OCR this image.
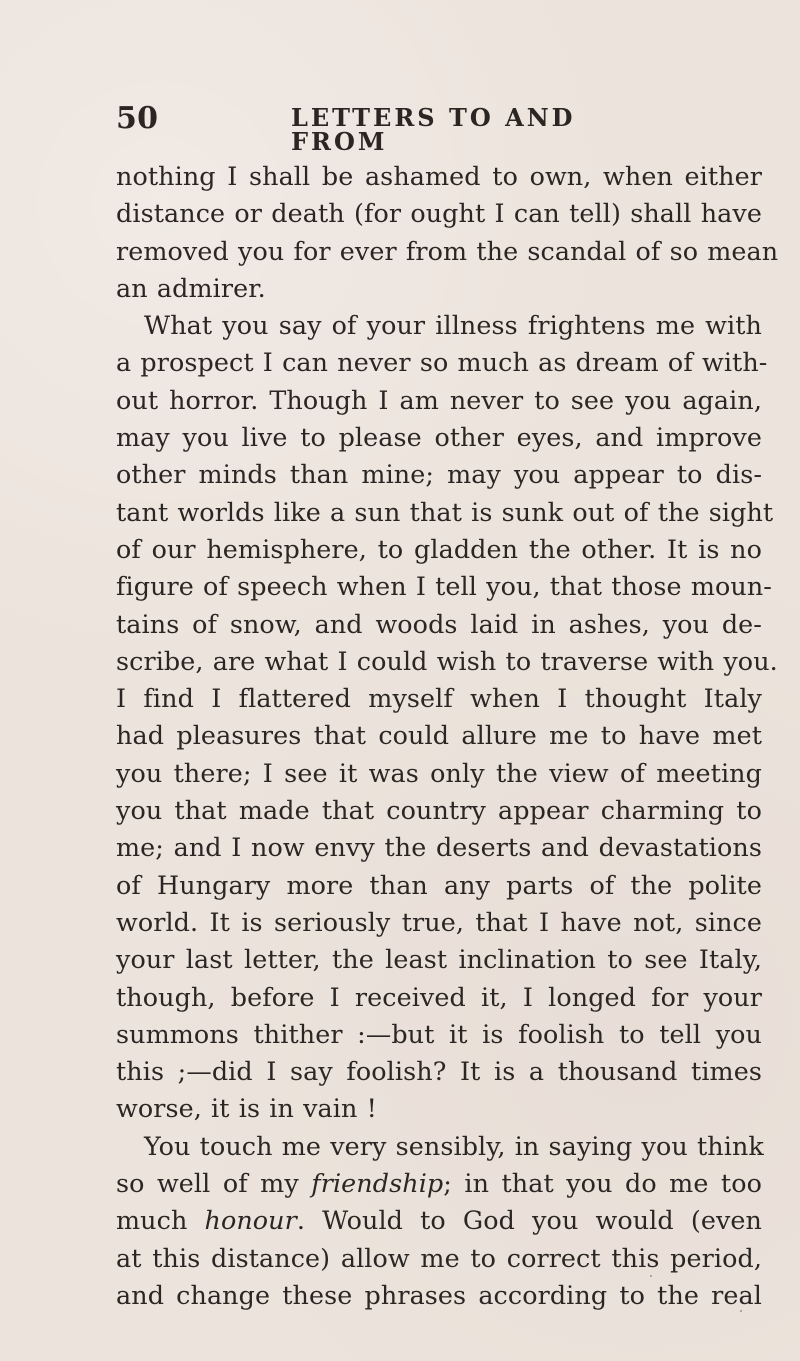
50	LETTERS TO AND FROM
nothing I shall be ashamed to own, when either
distance or death (for ought I can tell) shall have
removed you for ever from the scandal of so mean
an admirer.
What you say of your illness frightens me with
a prospect I can never so much as dream of with-
out horror. Though I am never to see you again,
may you live to please other eyes, and improve
other minds than mine; may you appear to dis-
tant worlds like a sun that is sunk out of the sight
of our hemisphere, to gladden the other. It is no
figure of speech when I tell you, that those moun-
tains of snow, and woods laid in ashes, you de-
scribe, are what I could wish to traverse with you.
I find I flattered myself when I thought Italy
had pleasures that could allure me to have met
you there; I see it was only the view of meeting
you that made that country appear charming to
me; and I now envy the deserts and devastations
of Hungary more than any parts of the polite
world. It is seriously true, that I have not, since
your last letter, the least inclination to see Italy,
though, before I received it, I longed for your
summons thither :—but it is foolish to tell you
this ;—did I say foolish? It is a thousand times
worse, it is in vain !
You touch me very sensibly, in saying you think
so well of my friendship; in that you do me too
much honour. Would to God you would (even
at this distance) allow me to correct this period,
and change these phrases according to the real
